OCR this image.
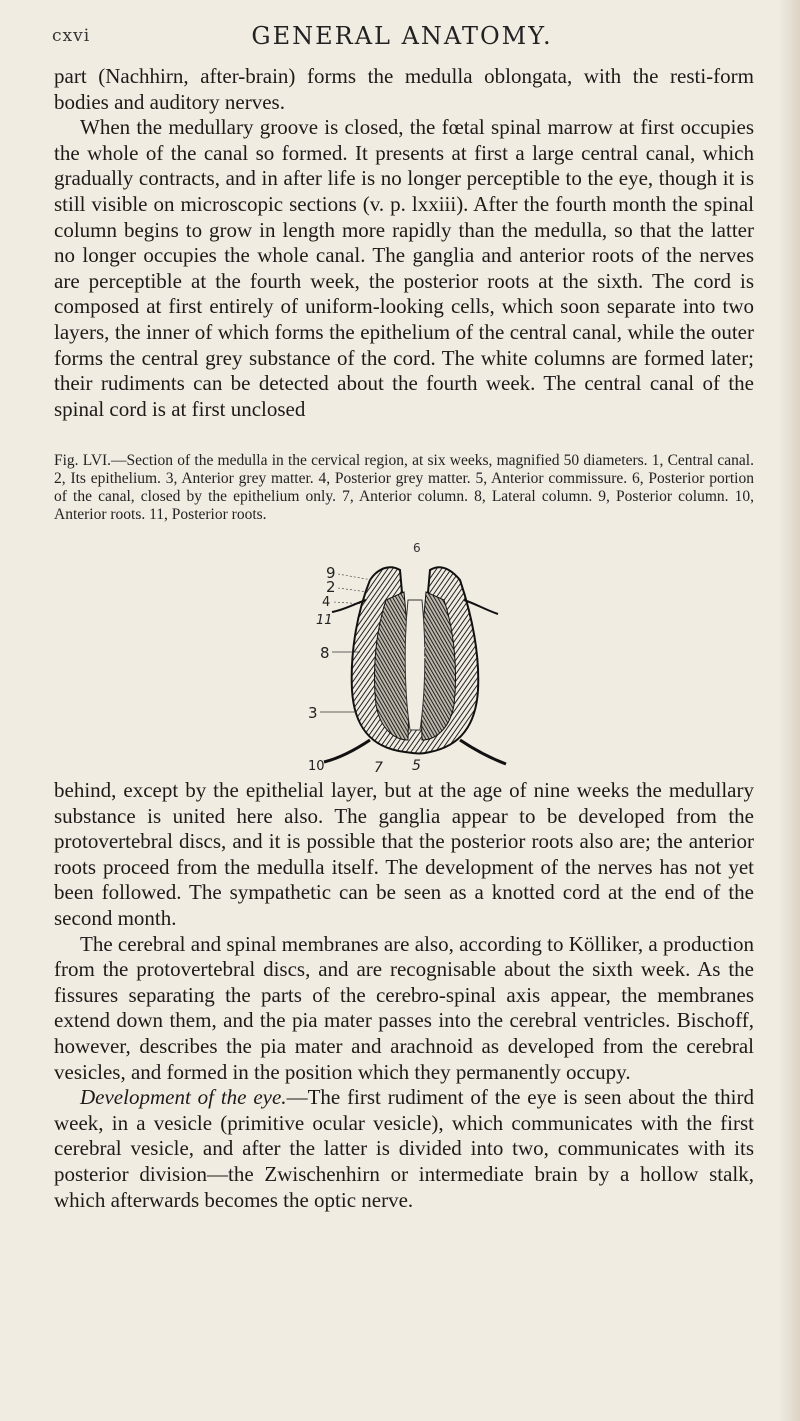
cxvi	GENERAL ANATOMY.

part (Nachhirn, after-brain) forms the medulla oblongata, with the resti-form bodies and auditory nerves.

When the medullary groove is closed, the fœtal spinal marrow at first occupies the whole of the canal so formed. It presents at first a large central canal, which gradually contracts, and in after life is no longer perceptible to the eye, though it is still visible on microscopic sections (v. p. lxxiii). After the fourth month the spinal column begins to grow in length more rapidly than the medulla, so that the latter no longer occupies the whole canal. The ganglia and anterior roots of the nerves are perceptible at the fourth week, the posterior roots at the sixth. The cord is composed at first entirely of uniform-looking cells, which soon separate into two layers, the inner of which forms the epithelium of the central canal, while the outer forms the central grey substance of the cord. The white columns are formed later; their rudiments can be detected about the fourth week. The central canal of the spinal cord is at first unclosed

Fig. LVI.—Section of the medulla in the cervical region, at six weeks, magnified 50 diameters. 1, Central canal. 2, Its epithelium. 3, Anterior grey matter. 4, Posterior grey matter. 5, Anterior commissure. 6, Posterior portion of the canal, closed by the epithelium only. 7, Anterior column. 8, Lateral column. 9, Posterior column. 10, Anterior roots. 11, Posterior roots.

6
9
2
4
11
1
8
3
10	7 5

behind, except by the epithelial layer, but at the age of nine weeks the medullary substance is united here also. The ganglia appear to be developed from the protovertebral discs, and it is possible that the posterior roots also are; the anterior roots proceed from the medulla itself. The development of the nerves has not yet been followed. The sympathetic can be seen as a knotted cord at the end of the second month.

The cerebral and spinal membranes are also, according to Kölliker, a production from the protovertebral discs, and are recognisable about the sixth week. As the fissures separating the parts of the cerebro-spinal axis appear, the membranes extend down them, and the pia mater passes into the cerebral ventricles. Bischoff, however, describes the pia mater and arachnoid as developed from the cerebral vesicles, and formed in the position which they permanently occupy.

Development of the eye.—The first rudiment of the eye is seen about the third week, in a vesicle (primitive ocular vesicle), which communicates with the first cerebral vesicle, and after the latter is divided into two, communicates with its posterior division—the Zwischenhirn or intermediate brain by a hollow stalk, which afterwards becomes the optic nerve.
